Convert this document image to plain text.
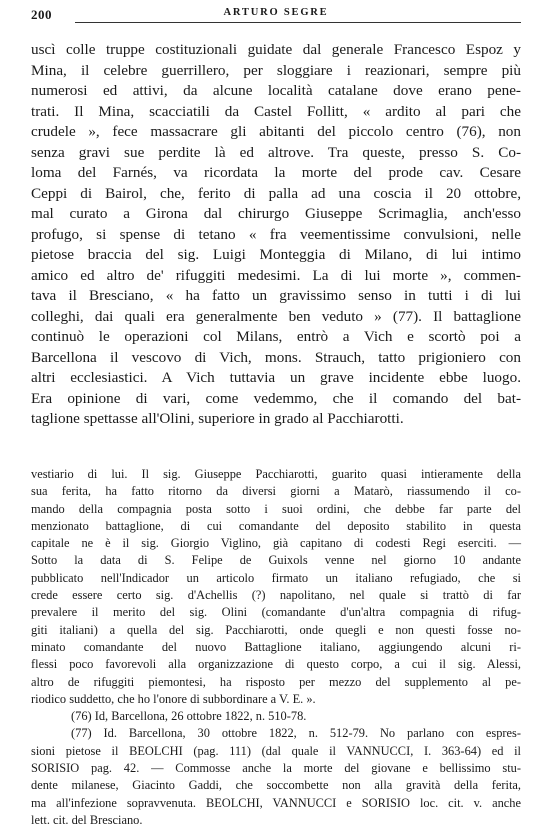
200	ARTURO SEGRE
uscì colle truppe costituzionali guidate dal generale Francesco Espoz y
Mina, il celebre guerrillero, per sloggiare i reazionari, sempre più
numerosi ed attivi, da alcune località catalane dove erano pene-
trati. Il Mina, scacciatili da Castel Follitt, « ardito al pari che
crudele », fece massacrare gli abitanti del piccolo centro (76), non
senza gravi sue perdite là ed altrove. Tra queste, presso S. Co-
loma del Farnés, va ricordata la morte del prode cav. Cesare
Ceppi di Bairol, che, ferito di palla ad una coscia il 20 ottobre,
mal curato a Girona dal chirurgo Giuseppe Scrimaglia, anch'esso
profugo, si spense di tetano « fra veementissime convulsioni, nelle
pietose braccia del sig. Luigi Monteggia di Milano, di lui intimo
amico ed altro de' rifuggiti medesimi. La di lui morte », commen-
tava il Bresciano, « ha fatto un gravissimo senso in tutti i di lui
colleghi, dai quali era generalmente ben veduto » (77). Il battaglione
continuò le operazioni col Milans, entrò a Vich e scortò poi a
Barcellona il vescovo di Vich, mons. Strauch, tatto prigioniero con
altri ecclesiastici. A Vich tuttavia un grave incidente ebbe luogo.
Era opinione di vari, come vedemmo, che il comando del bat-
taglione spettasse all'Olini, superiore in grado al Pacchiarotti.
vestiario di lui. Il sig. Giuseppe Pacchiarotti, guarito quasi intieramente della
sua ferita, ha fatto ritorno da diversi giorni a Matarò, riassumendo il co-
mando della compagnia posta sotto i suoi ordini, che debbe far parte del
menzionato battaglione, di cui comandante del deposito stabilito in questa
capitale ne è il sig. Giorgio Viglino, già capitano di codesti Regi eserciti. —
Sotto la data di S. Felipe de Guixols venne nel giorno 10 andante
pubblicato nell'Indicador un articolo firmato un italiano refugiado, che si
crede essere certo sig. d'Achellis (?) napolitano, nel quale si trattò di far
prevalere il merito del sig. Olini (comandante d'un'altra compagnia di rifug-
giti italiani) a quella del sig. Pacchiarotti, onde quegli e non questi fosse no-
minato comandante del nuovo Battaglione italiano, aggiungendo alcuni ri-
flessi poco favorevoli alla organizzazione di questo corpo, a cui il sig. Alessi,
altro de rifuggiti piemontesi, ha risposto per mezzo del supplemento al pe-
riodico suddetto, che ho l'onore di subbordinare a V. E. ».
(76) Id, Barcellona, 26 ottobre 1822, n. 510-78.
(77) Id. Barcellona, 30 ottobre 1822, n. 512-79. No parlano con espres-
sioni pietose il BEOLCHI (pag. 111) (dal quale il VANNUCCI, I. 363-64) ed il
SORISIO pag. 42. — Commosse anche la morte del giovane e bellissimo stu-
dente milanese, Giacinto Gaddi, che soccombette non alla gravità della ferita,
ma all'infezione sopravvenuta. BEOLCHI, VANNUCCI e SORISIO loc. cit. v. anche
lett. cit. del Bresciano.
